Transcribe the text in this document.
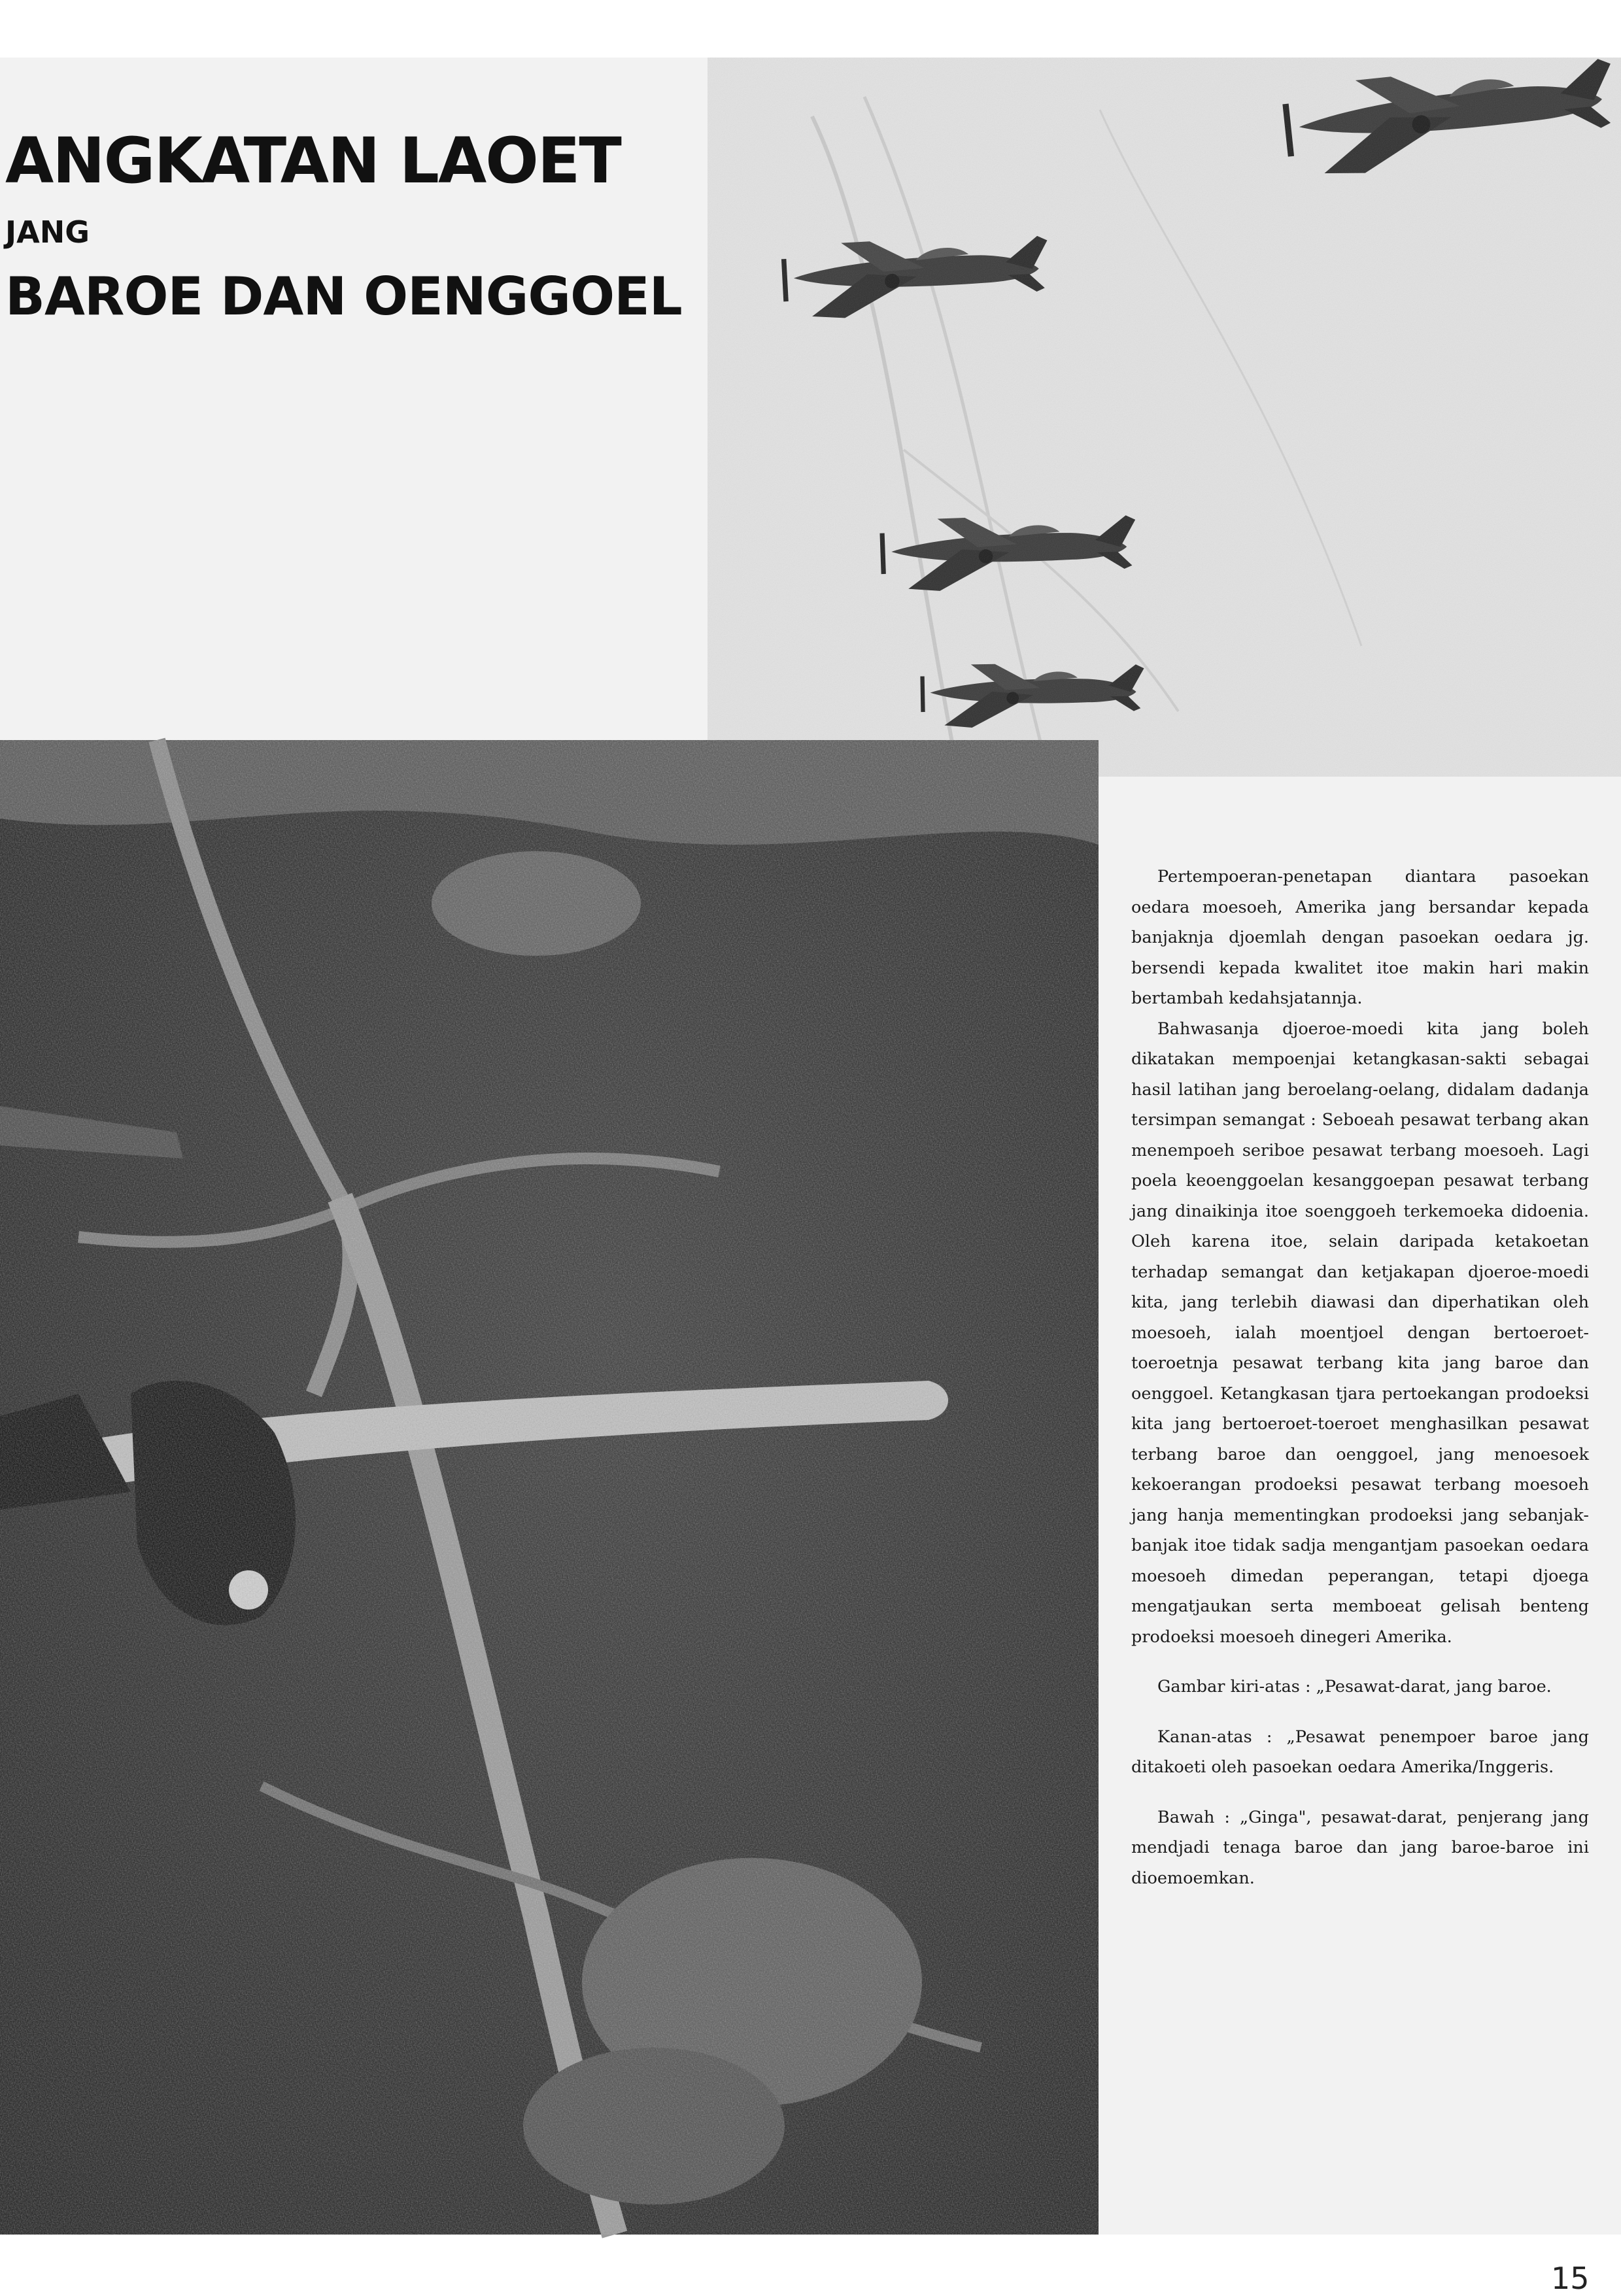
ANGKATAN LAOET
JANG
BAROE DAN OENGGOEL

Pertempoeran-penetapan diantara pasoekan oedara moesoeh, Amerika jang bersandar kepada banjaknja djoemlah dengan pasoekan oedara jg. bersendi kepada kwalitet itoe makin hari makin bertambah kedahsjatannja.

Bahwasanja djoeroe-moedi kita jang boleh dikatakan mempoenjai ketangkasan-sakti sebagai hasil latihan jang beroelang-oelang, didalam dadanja tersimpan semangat : Seboeah pesawat terbang akan menempoeh seriboe pesawat terbang moesoeh. Lagi poela keoenggoelan kesanggoepan pesawat terbang jang dinaikinja itoe soenggoeh terkemoeka didoenia. Oleh karena itoe, selain daripada ketakoetan terhadap semangat dan ketjakapan djoeroe-moedi kita, jang terlebih diawasi dan diperhatikan oleh moesoeh, ialah moentjoel dengan bertoeroet-toeroetnja pesawat terbang kita jang baroe dan oenggoel. Ketangkasan tjara pertoekangan prodoeksi kita jang bertoeroet-toeroet menghasilkan pesawat terbang baroe dan oenggoel, jang menoesoek kekoerangan prodoeksi pesawat terbang moesoeh jang hanja mementingkan prodoeksi jang sebanjak-banjak itoe tidak sadja mengantjam pasoekan oedara moesoeh dimedan peperangan, tetapi djoega mengatjaukan serta memboeat gelisah benteng prodoeksi moesoeh dinegeri Amerika.

Gambar kiri-atas : „Pesawat-darat, jang baroe.

Kanan-atas : „Pesawat penempoer baroe jang ditakoeti oleh pasoekan oedara Amerika/Inggeris.

Bawah : „Ginga", pesawat-darat, penjerang jang mendjadi tenaga baroe dan jang baroe-baroe ini dioemoemkan.

15
